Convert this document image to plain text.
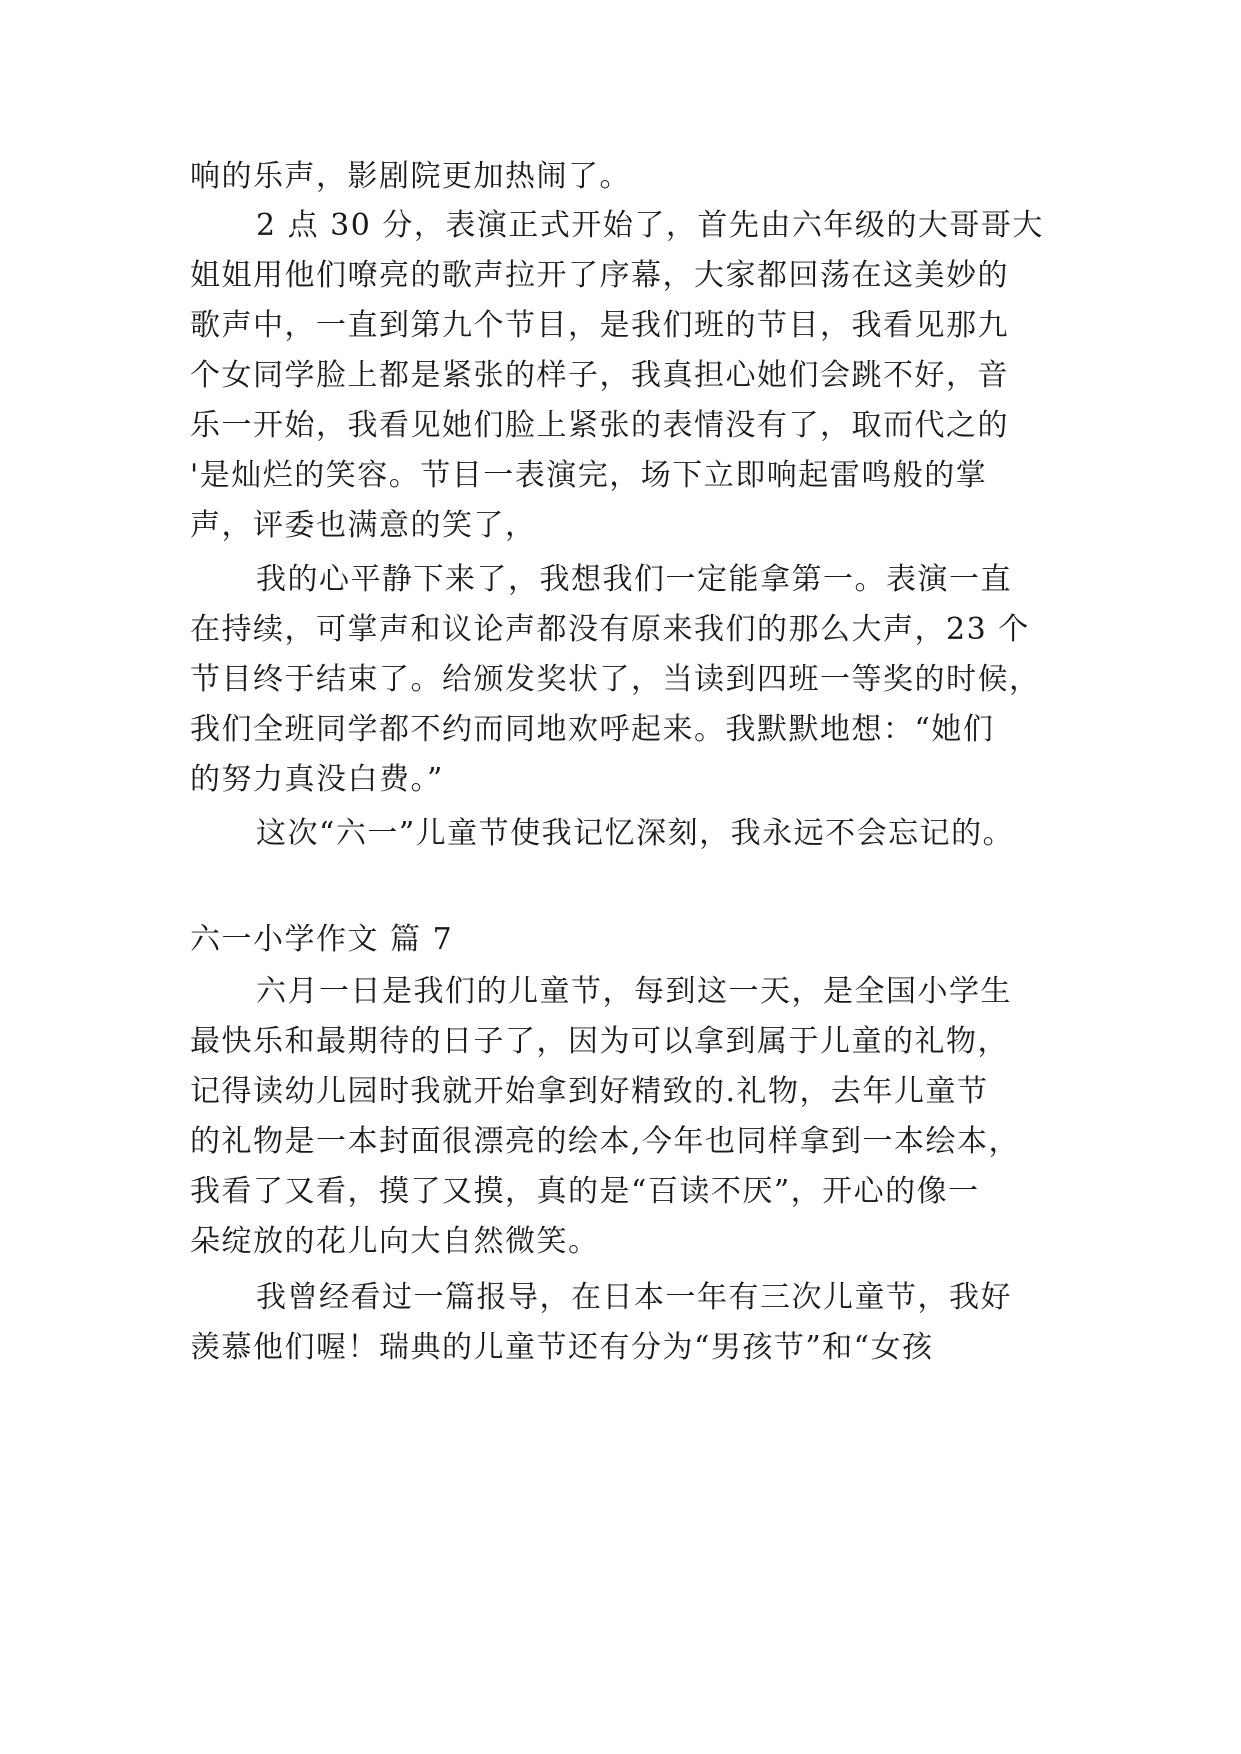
响的乐声，影剧院更加热闹了。
2 点 30 分，表演正式开始了，首先由六年级的大哥哥大
姐姐用他们嘹亮的歌声拉开了序幕，大家都回荡在这美妙的
歌声中，一直到第九个节目，是我们班的节目，我看见那九
个女同学脸上都是紧张的样子，我真担心她们会跳不好，音
乐一开始，我看见她们脸上紧张的表情没有了，取而代之的
'是灿烂的笑容。节目一表演完，场下立即响起雷鸣般的掌
声，评委也满意的笑了，
我的心平静下来了，我想我们一定能拿第一。表演一直
在持续，可掌声和议论声都没有原来我们的那么大声，23 个
节目终于结束了。给颁发奖状了，当读到四班一等奖的时候，
我们全班同学都不约而同地欢呼起来。我默默地想：“她们
的努力真没白费。”
这次“六一”儿童节使我记忆深刻，我永远不会忘记的。
六一小学作文 篇 7
六月一日是我们的儿童节，每到这一天，是全国小学生
最快乐和最期待的日子了，因为可以拿到属于儿童的礼物，
记得读幼儿园时我就开始拿到好精致的.礼物，去年儿童节
的礼物是一本封面很漂亮的绘本,今年也同样拿到一本绘本，
我看了又看，摸了又摸，真的是“百读不厌”，开心的像一
朵绽放的花儿向大自然微笑。
我曾经看过一篇报导，在日本一年有三次儿童节，我好
羡慕他们喔！瑞典的儿童节还有分为“男孩节”和“女孩
